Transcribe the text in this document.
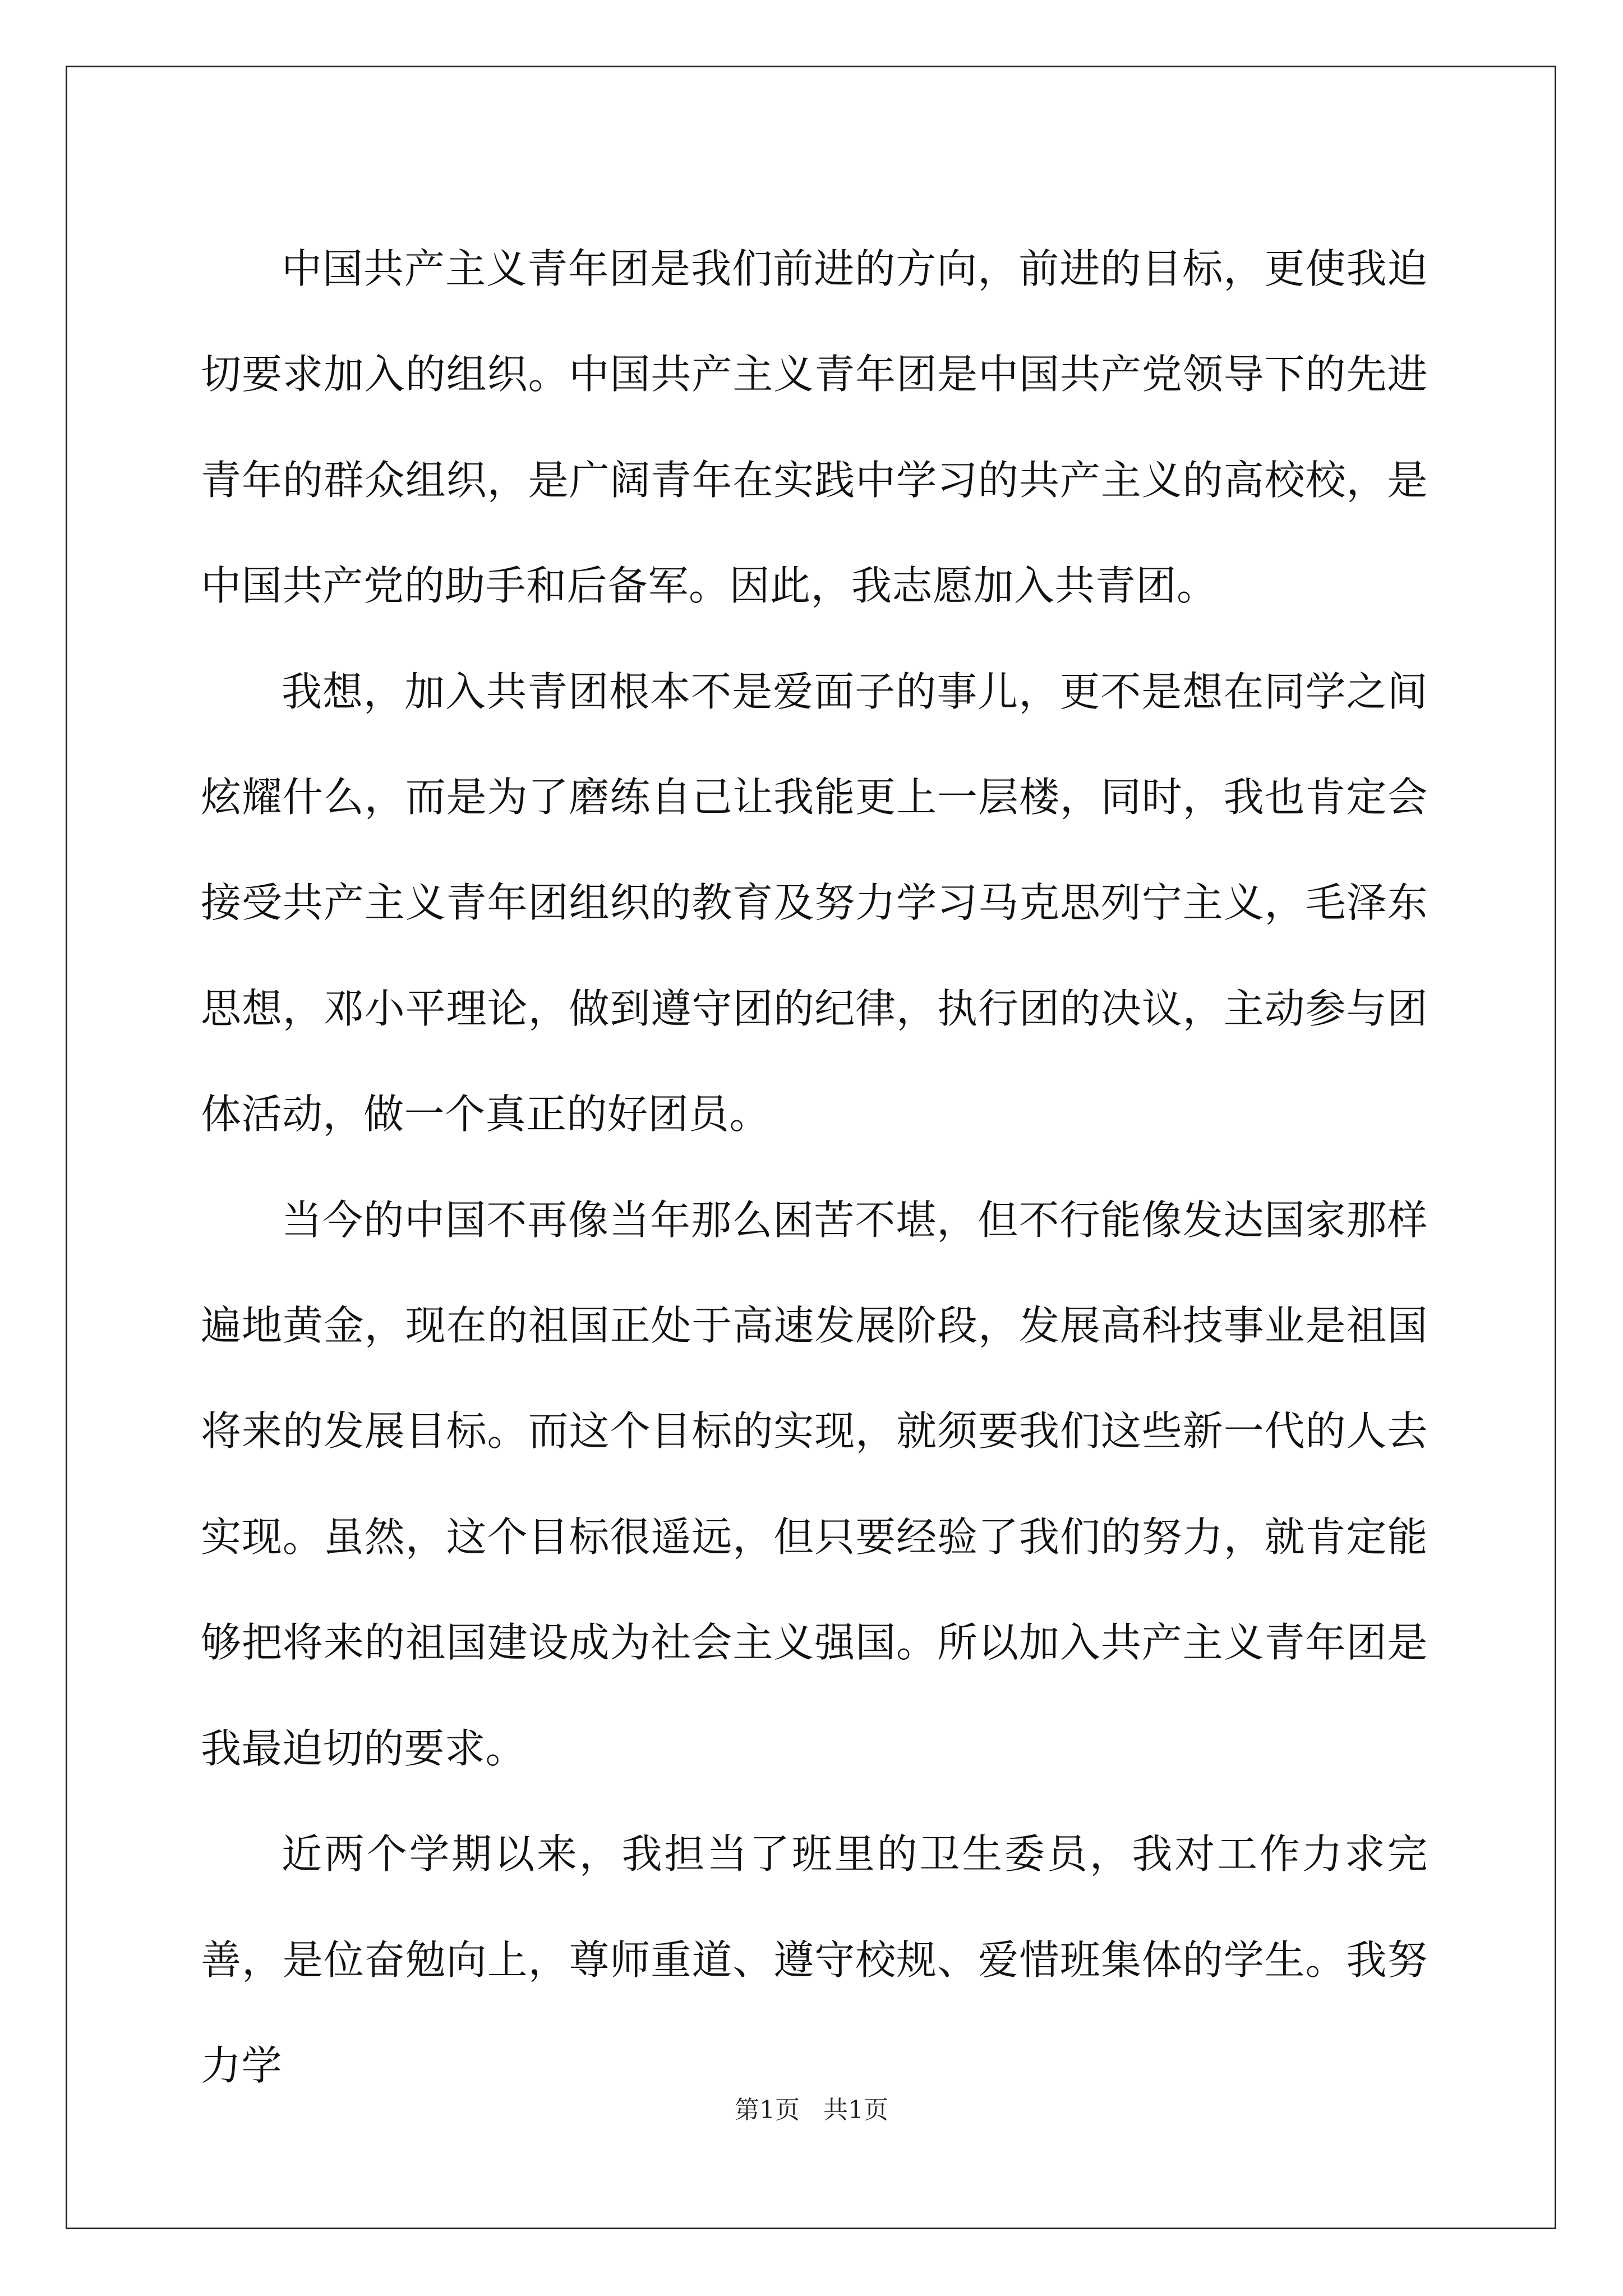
中国共产主义青年团是我们前进的方向，前进的目标，更使我迫切要求加入的组织。中国共产主义青年团是中国共产党领导下的先进青年的群众组织，是广阔青年在实践中学习的共产主义的高校校，是中国共产党的助手和后备军。因此，我志愿加入共青团。

我想，加入共青团根本不是爱面子的事儿，更不是想在同学之间炫耀什么，而是为了磨练自己让我能更上一层楼，同时，我也肯定会接受共产主义青年团组织的教育及努力学习马克思列宁主义，毛泽东思想，邓小平理论，做到遵守团的纪律，执行团的决议，主动参与团体活动，做一个真正的好团员。

当今的中国不再像当年那么困苦不堪，但不行能像发达国家那样遍地黄金，现在的祖国正处于高速发展阶段，发展高科技事业是祖国将来的发展目标。而这个目标的实现，就须要我们这些新一代的人去实现。虽然，这个目标很遥远，但只要经验了我们的努力，就肯定能够把将来的祖国建设成为社会主义强国。所以加入共产主义青年团是我最迫切的要求。

近两个学期以来，我担当了班里的卫生委员，我对工作力求完善，是位奋勉向上，尊师重道、遵守校规、爱惜班集体的学生。我努力学

第1页 共1页
